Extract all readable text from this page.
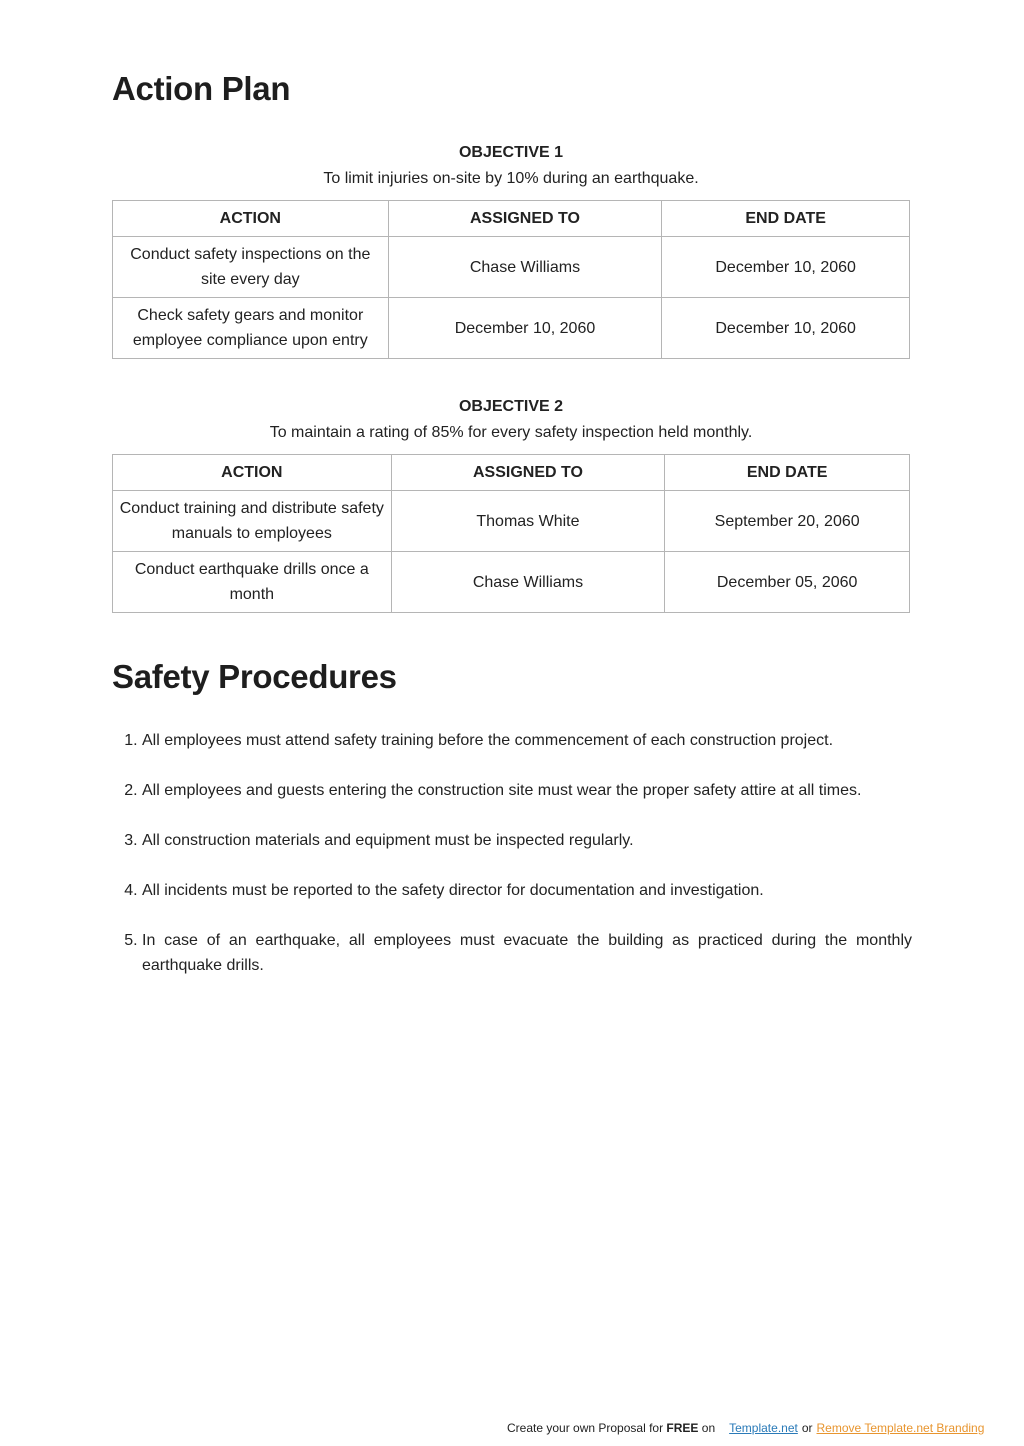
Action Plan
OBJECTIVE 1
To limit injuries on-site by 10% during an earthquake.
ACTION	ASSIGNED TO	END DATE
Conduct safety inspections on the site every day	Chase Williams	December 10, 2060
Check safety gears and monitor employee compliance upon entry	December 10, 2060	December 10, 2060
OBJECTIVE 2
To maintain a rating of 85% for every safety inspection held monthly.
ACTION	ASSIGNED TO	END DATE
Conduct training and distribute safety manuals to employees	Thomas White	September 20, 2060
Conduct earthquake drills once a month	Chase Williams	December 05, 2060
Safety Procedures
1. All employees must attend safety training before the commencement of each construction project.
2. All employees and guests entering the construction site must wear the proper safety attire at all times.
3. All construction materials and equipment must be inspected regularly.
4. All incidents must be reported to the safety director for documentation and investigation.
5. In case of an earthquake, all employees must evacuate the building as practiced during the monthly earthquake drills.
Create your own Proposal for FREE on Template.net or Remove Template.net Branding
